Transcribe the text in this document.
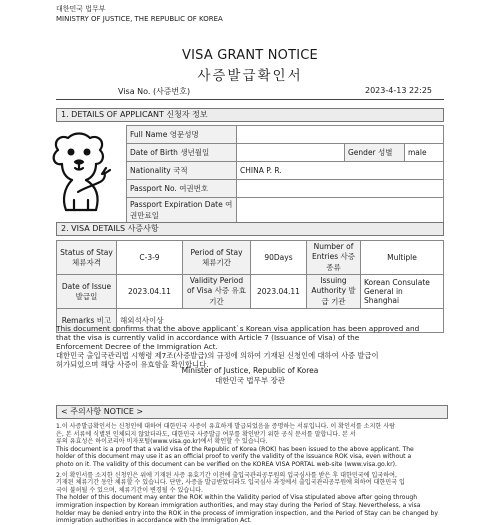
대한민국 법무부
MINISTRY OF JUSTICE, THE REPUBLIC OF KOREA
VISA GRANT NOTICE
사증발급확인서
Visa No. (사증번호)	2023-4-13 22:25
1. DETAILS OF APPLICANT 신청자 정보
Full Name 영문성명			
Date of Birth 생년월일		Gender 성별	male
Nationality 국적	CHINA P. R.		
Passport No. 여권번호			
Passport Expiration Date 여권만료일			
2. VISA DETAILS 사증사항
Status of Stay 체류자격	C-3-9	Period of Stay 체류기간	90Days	Number of Entries 사증 종류	Multiple
Date of Issue 발급일	2023.04.11	Validity Period of Visa 사증 유효기간	2023.04.11	Issuing Authority 발급 기관	Korean Consulate General in Shanghai
Remarks 비고	해외석사이상				
This document confirms that the above applicant`s Korean visa application has been approved and
that the visa is currently valid in accordance with Article 7 (Issuance of Visa) of the
Enforcement Decree of the Immigration Act.
대한민국 출입국관리법 시행령 제7조(사증발급)의 규정에 의하여 기재된 신청인에 대하여 사증 발급이
허가되었으며 해당 사증이 유효함을 확인합니다.
Minister of Justice, Republic of Korea
대한민국 법무부 장관
< 주의사항 NOTICE >
1.이 사증발급확인서는 신청인에 대하여 대한민국 사증이 유효하게 발급되었음을 증명하는 서류입니다. 이 확인서를 소지한 사람
은, 본 서류에 식별된 인체되지 않았더라도, 대한민국 사증발급 여부를 확인받기 위한 공식 문서를 말합니다. 본 서
류의 유효성은 하이코리아 비자포털(www.visa.go.kr)에서 확인할 수 있습니다.
This document is a proof that a valid visa of the Republic of Korea (ROK) has been issued to the above applicant. The
holder of this document may use it as an official proof to verify the validity of the issuance ROK visa, even without a
photo on it. The validity of this document can be verified on the KOREA VISA PORTAL web-site (www.visa.go.kr).
2.이 확인서를 소지한 신청인은 위에 기재된 사증 유효기간 이전에 출입국관리공무원의 입국심사를 받은 후 대한민국에 입국하여,
기재된 체류기간 동안 체류할 수 있습니다. 단만, 사증을 발급받았더라도 입국심사 과정에서 출입국관리공무원에 의하여 대한민국 입
국이 불허될 수 있으며, 체류기간이 변경될 수 있습니다.
The holder of this document may enter the ROK within the Validity period of Visa stipulated above after going through
immigration inspection by Korean immigration authorities, and may stay during the Period of Stay. Nevertheless, a visa
holder may be denied entry into the ROK in the process of immigration inspection, and the Period of Stay can be changed by
immigration authorities in accordance with the Immigration Act.
